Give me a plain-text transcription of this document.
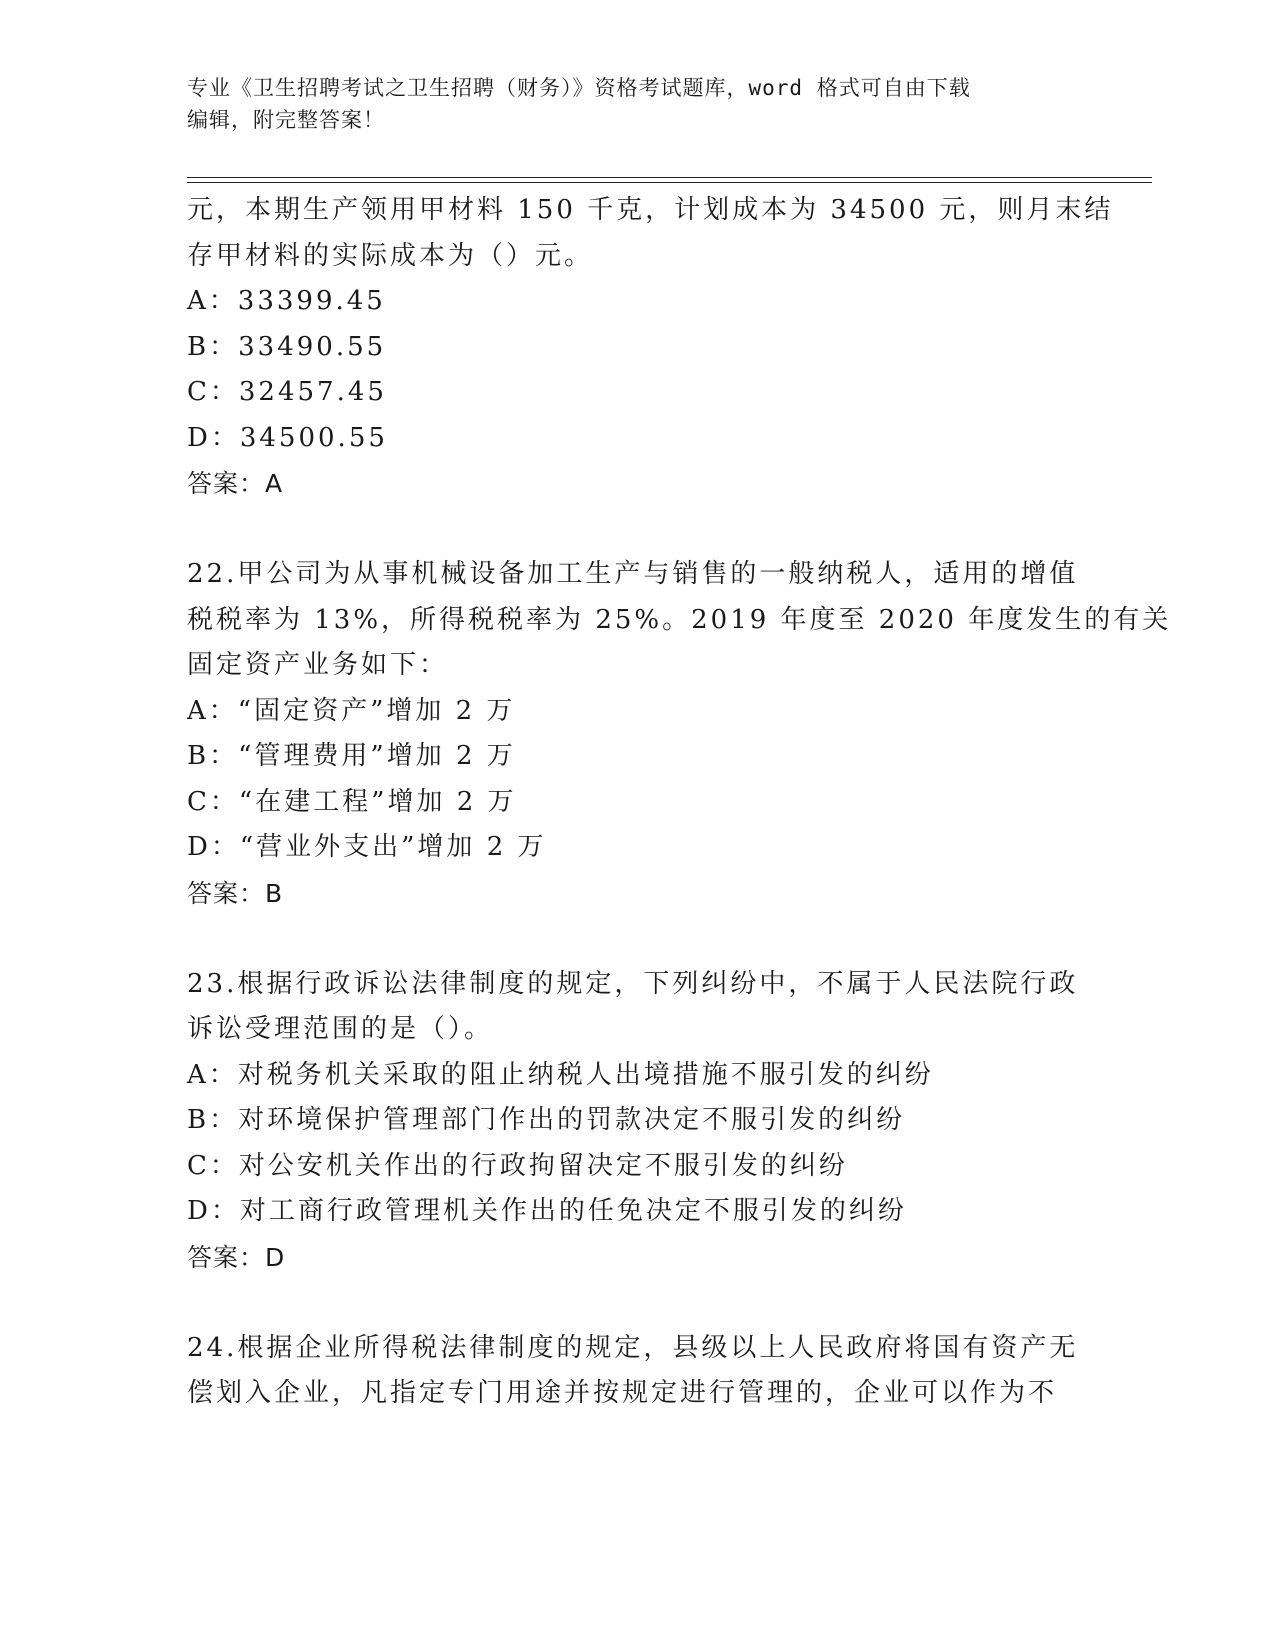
专业《卫生招聘考试之卫生招聘（财务）》资格考试题库，word 格式可自由下载
编辑，附完整答案！
元，本期生产领用甲材料 150 千克，计划成本为 34500 元，则月末结
存甲材料的实际成本为（）元。
A：33399.45
B：33490.55
C：32457.45
D：34500.55
答案：A
22.甲公司为从事机械设备加工生产与销售的一般纳税人，适用的增值
税税率为 13%，所得税税率为 25%。2019 年度至 2020 年度发生的有关
固定资产业务如下：
A：“固定资产”增加 2 万
B：“管理费用”增加 2 万
C：“在建工程”增加 2 万
D：“营业外支出”增加 2 万
答案：B
23.根据行政诉讼法律制度的规定，下列纠纷中，不属于人民法院行政
诉讼受理范围的是（）。
A：对税务机关采取的阻止纳税人出境措施不服引发的纠纷
B：对环境保护管理部门作出的罚款决定不服引发的纠纷
C：对公安机关作出的行政拘留决定不服引发的纠纷
D：对工商行政管理机关作出的任免决定不服引发的纠纷
答案：D
24.根据企业所得税法律制度的规定，县级以上人民政府将国有资产无
偿划入企业，凡指定专门用途并按规定进行管理的，企业可以作为不
